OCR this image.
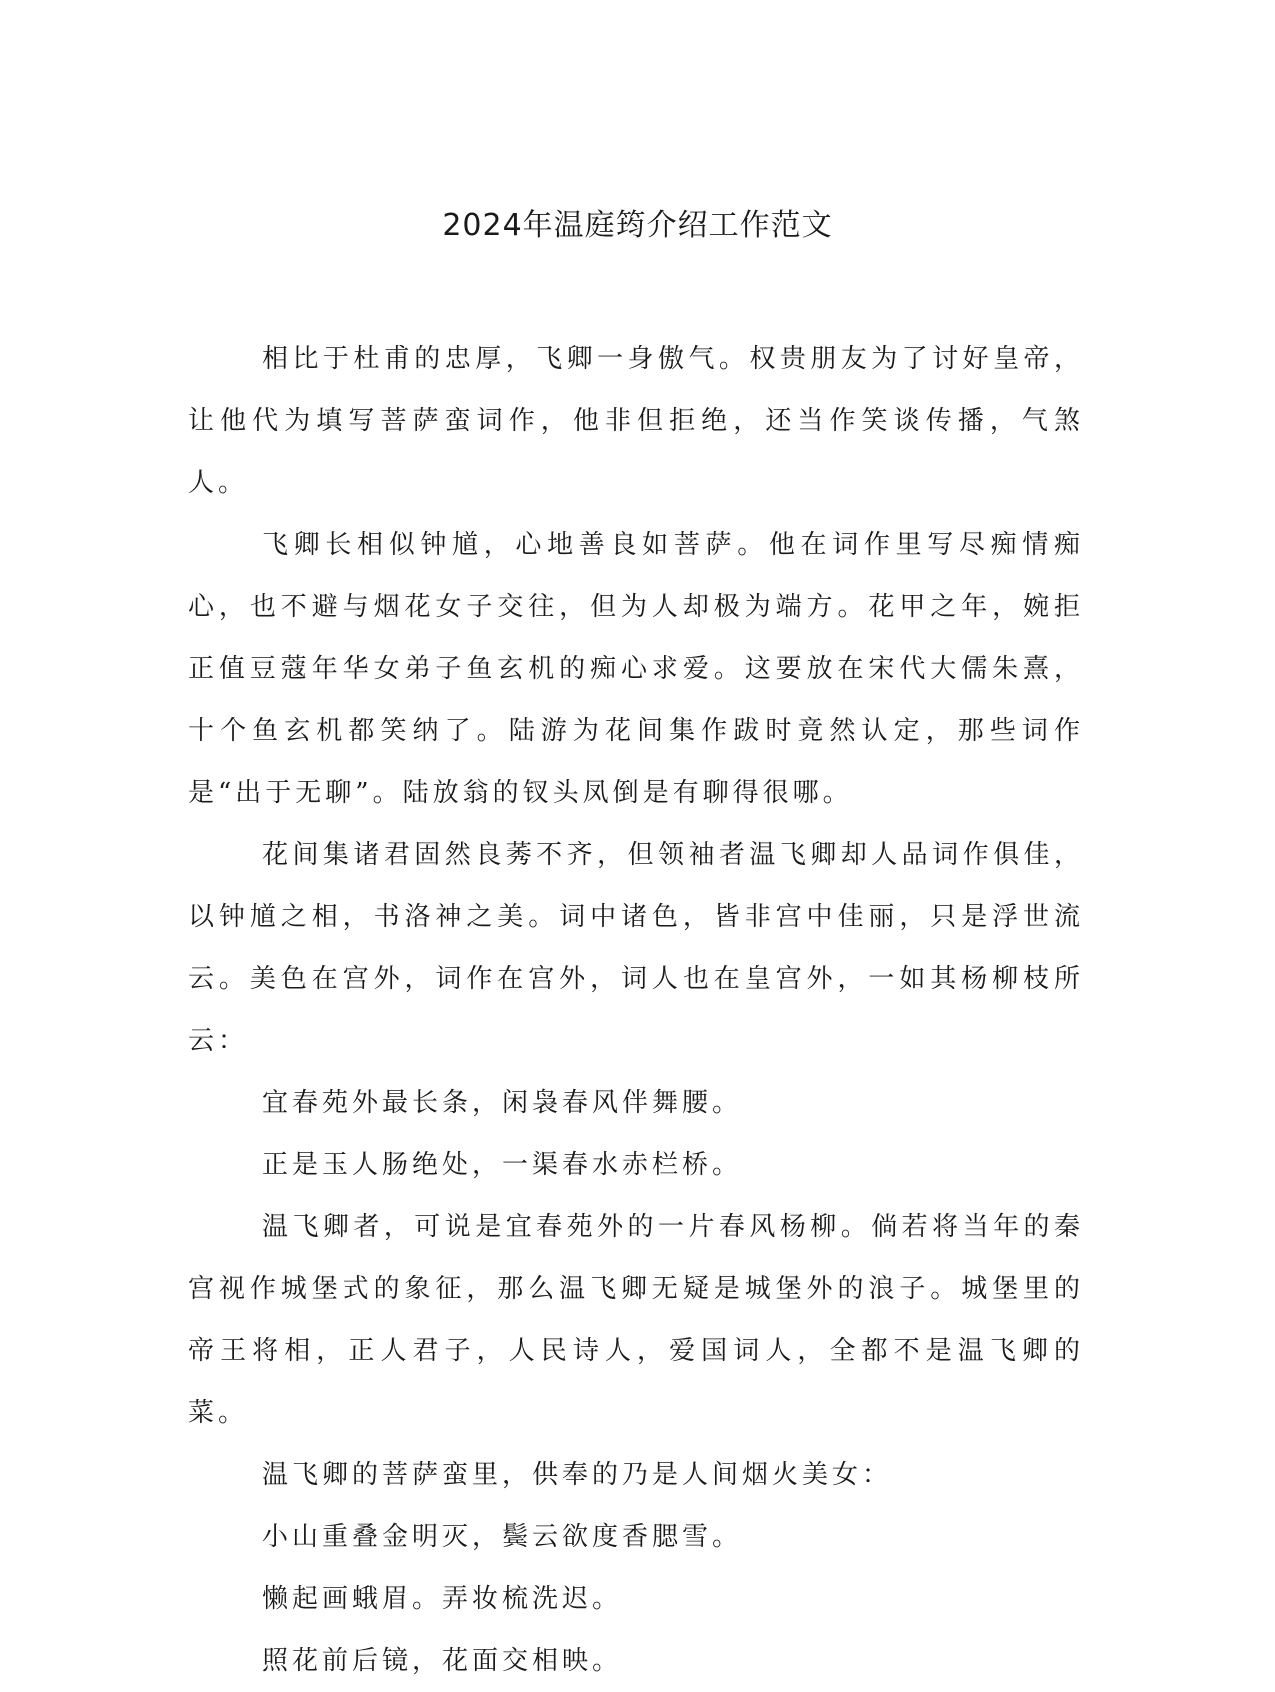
2024年温庭筠介绍工作范文

相比于杜甫的忠厚，飞卿一身傲气。权贵朋友为了讨好皇帝，让他代为填写菩萨蛮词作，他非但拒绝，还当作笑谈传播，气煞人。

飞卿长相似钟馗，心地善良如菩萨。他在词作里写尽痴情痴心，也不避与烟花女子交往，但为人却极为端方。花甲之年，婉拒正值豆蔻年华女弟子鱼玄机的痴心求爱。这要放在宋代大儒朱熹，十个鱼玄机都笑纳了。陆游为花间集作跋时竟然认定，那些词作是“出于无聊”。陆放翁的钗头凤倒是有聊得很哪。

花间集诸君固然良莠不齐，但领袖者温飞卿却人品词作俱佳，以钟馗之相，书洛神之美。词中诸色，皆非宫中佳丽，只是浮世流云。美色在宫外，词作在宫外，词人也在皇宫外，一如其杨柳枝所云：

宜春苑外最长条，闲袅春风伴舞腰。

正是玉人肠绝处，一渠春水赤栏桥。

温飞卿者，可说是宜春苑外的一片春风杨柳。倘若将当年的秦宫视作城堡式的象征，那么温飞卿无疑是城堡外的浪子。城堡里的帝王将相，正人君子，人民诗人，爱国词人，全都不是温飞卿的菜。

温飞卿的菩萨蛮里，供奉的乃是人间烟火美女：

小山重叠金明灭，鬓云欲度香腮雪。

懒起画蛾眉。弄妆梳洗迟。

照花前后镜，花面交相映。
